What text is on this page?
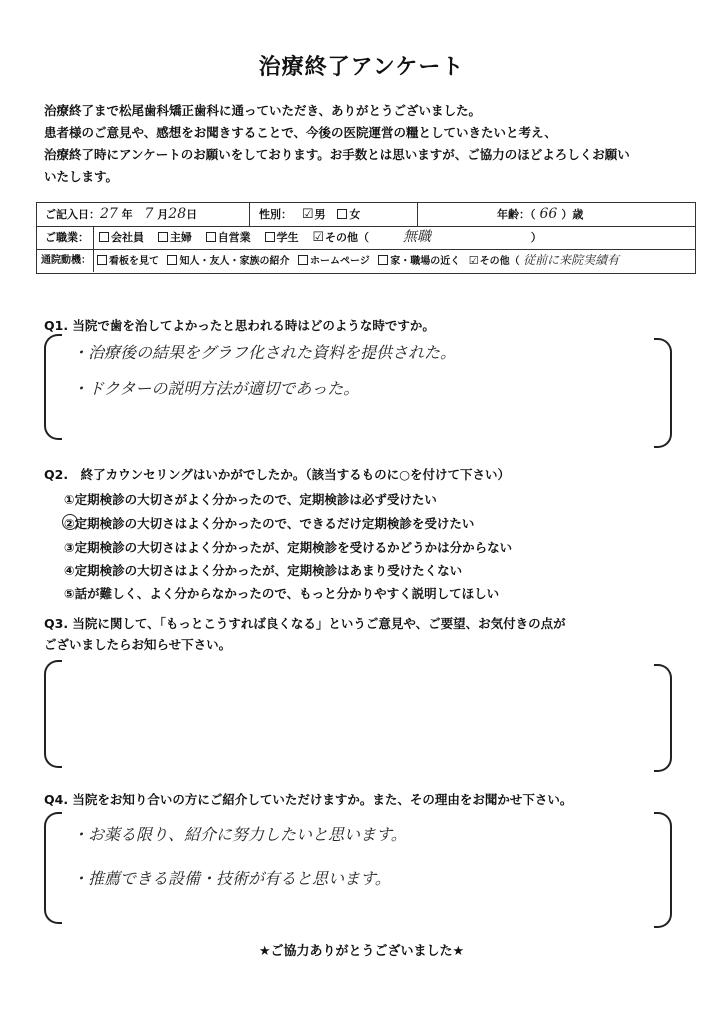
治療終了アンケート
治療終了まで松尾歯科矯正歯科に通っていただき、ありがとうございました。
患者様のご意見や、感想をお聞きすることで、今後の医院運営の糧としていきたいと考え、
治療終了時にアンケートのお願いをしております。お手数とは思いますが、ご協力のほどよろしくお願い
いたします。
ご記入日：27 年 7 月28日	性別： ☑男 女	年齢：（ 66 ）歳
ご職業：	会社員 主婦 自営業 学生 ☑その他（ 無職	）
通院動機：	看板を見て 知人・友人・家族の紹介 ホームページ 家・職場の近く ☑その他（ 従前に来院実績有
Q1. 当院で歯を治してよかったと思われる時はどのような時ですか。
・治療後の結果をグラフ化された資料を提供された。
・ドクターの説明方法が適切であった。
Q2.　終了カウンセリングはいかがでしたか。（該当するものに○を付けて下さい）
①定期検診の大切さがよく分かったので、定期検診は必ず受けたい
②定期検診の大切さはよく分かったので、できるだけ定期検診を受けたい
③定期検診の大切さはよく分かったが、定期検診を受けるかどうかは分からない
④定期検診の大切さはよく分かったが、定期検診はあまり受けたくない
⑤話が難しく、よく分からなかったので、もっと分かりやすく説明してほしい
Q3. 当院に関して、「もっとこうすれば良くなる」というご意見や、ご要望、お気付きの点が
ございましたらお知らせ下さい。
Q4. 当院をお知り合いの方にご紹介していただけますか。また、その理由をお聞かせ下さい。
・お薬る限り、紹介に努力したいと思います。
・推薦できる設備・技術が有ると思います。
★ご協力ありがとうございました★
